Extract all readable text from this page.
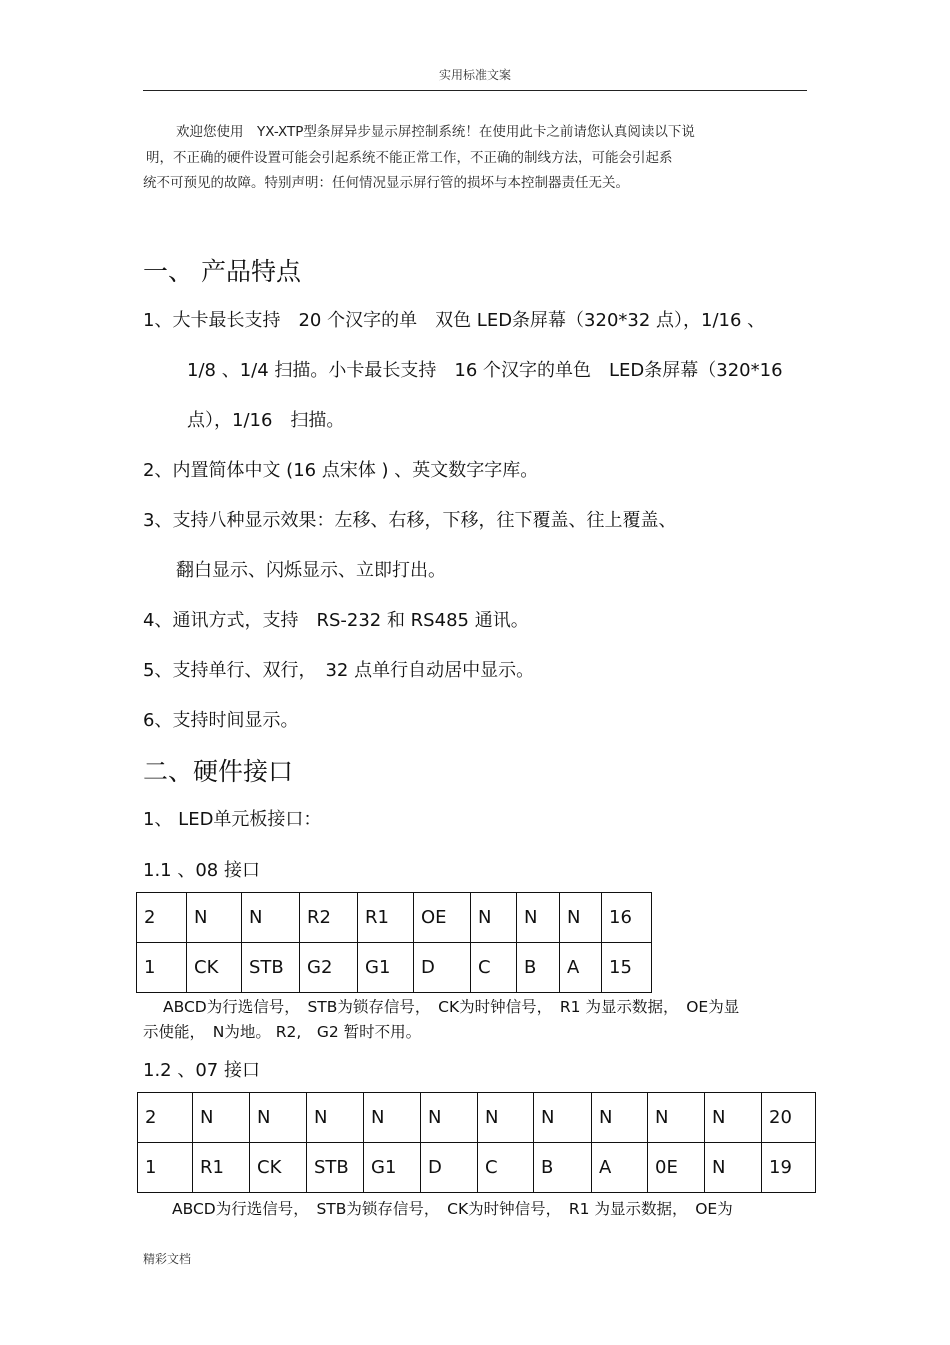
实用标准文案
欢迎您使用　YX-XTP型条屏异步显示屏控制系统！在使用此卡之前请您认真阅读以下说
明，不正确的硬件设置可能会引起系统不能正常工作，不正确的制线方法，可能会引起系
统不可预见的故障。特别声明：任何情况显示屏行管的损坏与本控制器责任无关。
一、 产品特点
1、大卡最长支持　20 个汉字的单　双色 LED条屏幕（320*32 点），1/16 、
1/8 、1/4 扫描。小卡最长支持　16 个汉字的单色　LED条屏幕（320*16
点），1/16　扫描。
2、内置简体中文 (16 点宋体 ) 、英文数字字库。
3、支持八种显示效果：左移、右移，下移，往下覆盖、往上覆盖、
翻白显示、闪烁显示、立即打出。
4、通讯方式，支持　RS-232 和 RS485 通讯。
5、支持单行、双行，　32 点单行自动居中显示。
6、支持时间显示。
二、硬件接口
1、 LED单元板接口：
1.1 、08 接口
2	N	N	R2	R1	OE	N	N	N	16
1	CK	STB	G2	G1	D	C	B	A	15
ABCD为行选信号，　STB为锁存信号，　CK为时钟信号，　R1 为显示数据，　OE为显
示使能，　N为地。 R2,　G2 暂时不用。
1.2 、07 接口
2	N	N	N	N	N	N	N	N	N	N	20
1	R1	CK	STB	G1	D	C	B	A	0E	N	19
ABCD为行选信号，　STB为锁存信号，　CK为时钟信号，　R1 为显示数据，　OE为
精彩文档
